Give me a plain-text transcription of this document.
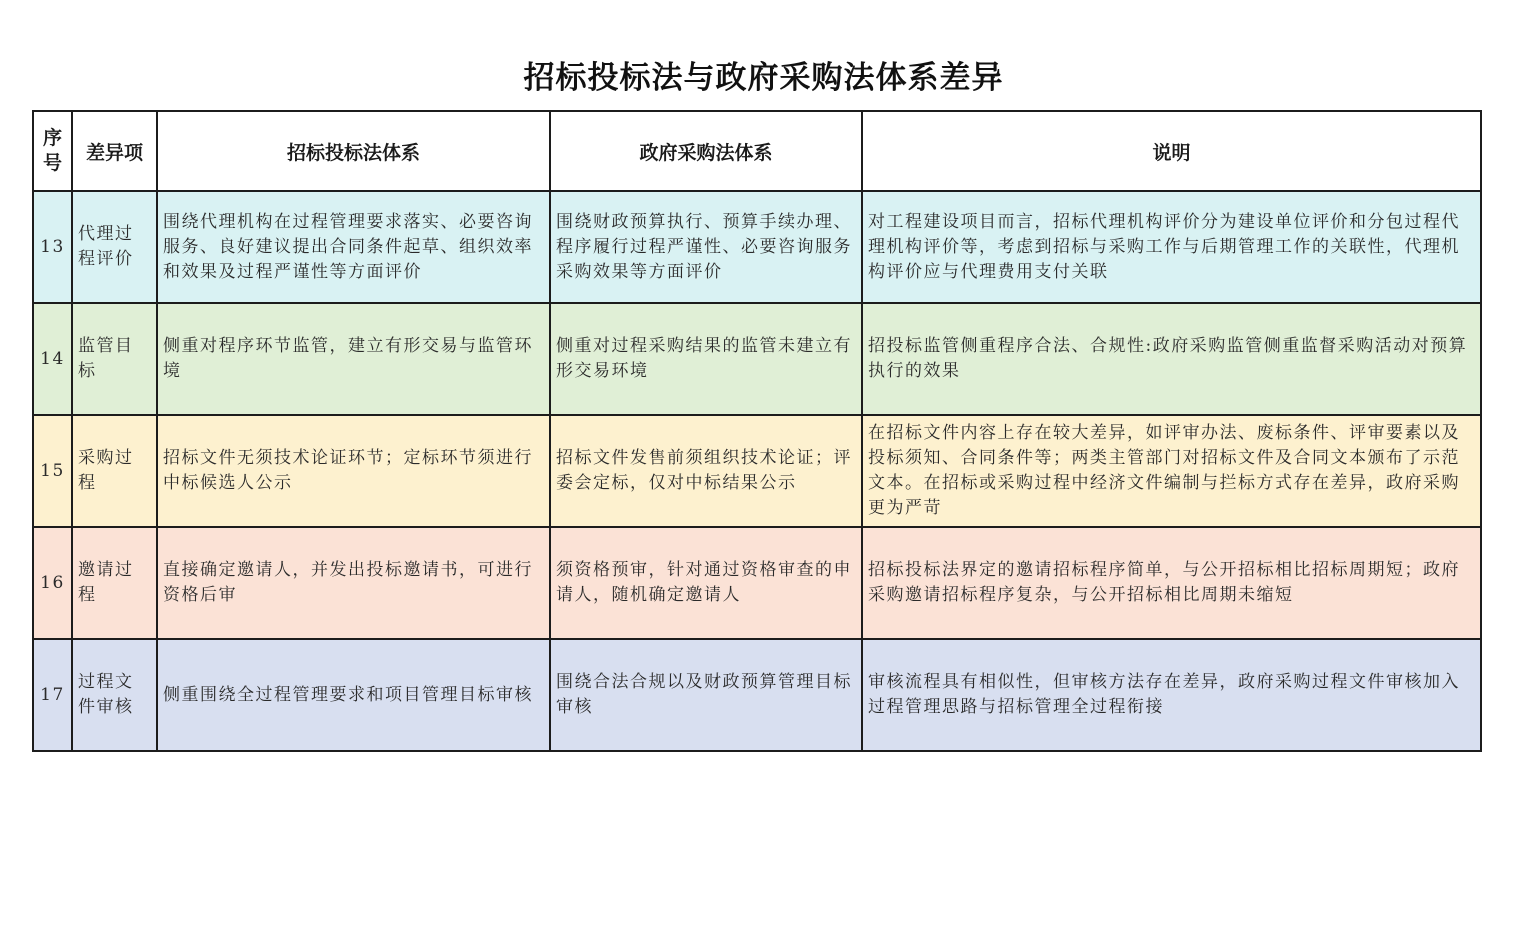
招标投标法与政府采购法体系差异
序号	差异项	招标投标法体系	政府采购法体系	说明
13	代理过程评价	围绕代理机构在过程管理要求落实、必要咨询服务、良好建议提出合同条件起草、组织效率和效果及过程严谨性等方面评价	围绕财政预算执行、预算手续办理、程序履行过程严谨性、必要咨询服务采购效果等方面评价	对工程建设项目而言，招标代理机构评价分为建设单位评价和分包过程代理机构评价等，考虑到招标与采购工作与后期管理工作的关联性，代理机构评价应与代理费用支付关联
14	监管目标	侧重对程序环节监管，建立有形交易与监管环境	侧重对过程采购结果的监管未建立有形交易环境	招投标监管侧重程序合法、合规性:政府采购监管侧重监督采购活动对预算执行的效果
15	采购过程	招标文件无须技术论证环节；定标环节须进行中标候选人公示	招标文件发售前须组织技术论证；评委会定标，仅对中标结果公示	在招标文件内容上存在较大差异，如评审办法、废标条件、评审要素以及投标须知、合同条件等；两类主管部门对招标文件及合同文本颁布了示范文本。在招标或采购过程中经济文件编制与拦标方式存在差异，政府采购更为严苛
16	邀请过程	直接确定邀请人，并发出投标邀请书，可进行资格后审	须资格预审，针对通过资格审查的申请人，随机确定邀请人	招标投标法界定的邀请招标程序简单，与公开招标相比招标周期短；政府采购邀请招标程序复杂，与公开招标相比周期未缩短
17	过程文件审核	侧重围绕全过程管理要求和项目管理目标审核	围绕合法合规以及财政预算管理目标审核	审核流程具有相似性，但审核方法存在差异，政府采购过程文件审核加入过程管理思路与招标管理全过程衔接
